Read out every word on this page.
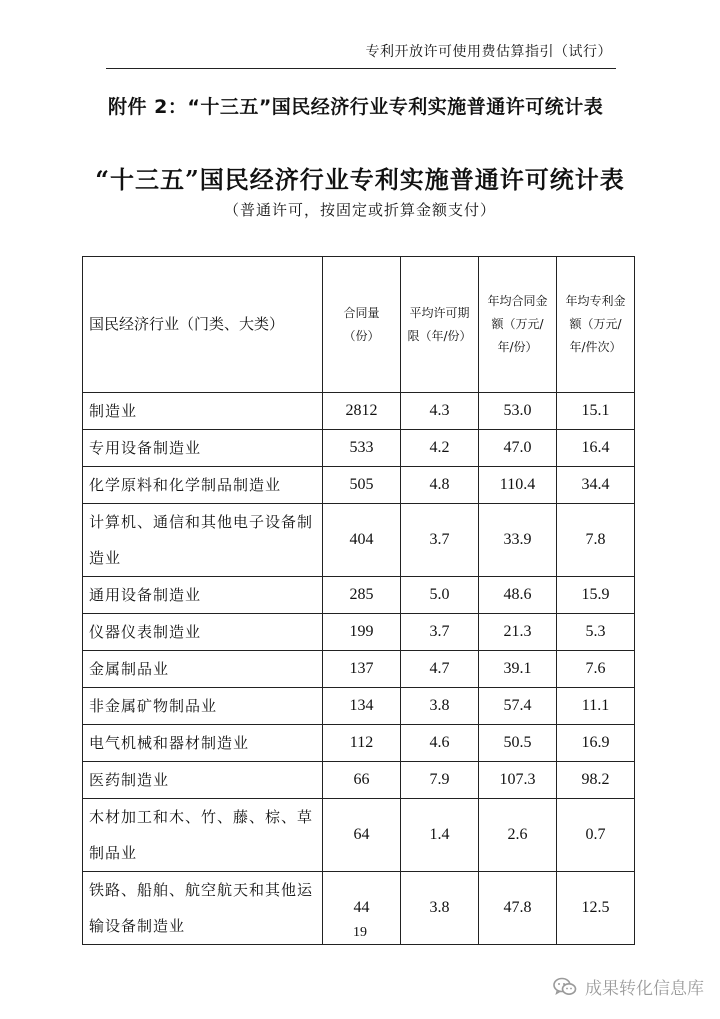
专利开放许可使用费估算指引（试行）
附件 2：“十三五”国民经济行业专利实施普通许可统计表
“十三五”国民经济行业专利实施普通许可统计表
（普通许可，按固定或折算金额支付）
国民经济行业（门类、大类）	合同量（份）	平均许可期限（年/份）	年均合同金额（万元/年/份）	年均专利金额（万元/年/件次）
制造业	2812	4.3	53.0	15.1
专用设备制造业	533	4.2	47.0	16.4
化学原料和化学制品制造业	505	4.8	110.4	34.4
计算机、通信和其他电子设备制造业	404	3.7	33.9	7.8
通用设备制造业	285	5.0	48.6	15.9
仪器仪表制造业	199	3.7	21.3	5.3
金属制品业	137	4.7	39.1	7.6
非金属矿物制品业	134	3.8	57.4	11.1
电气机械和器材制造业	112	4.6	50.5	16.9
医药制造业	66	7.9	107.3	98.2
木材加工和木、竹、藤、棕、草制品业	64	1.4	2.6	0.7
铁路、船舶、航空航天和其他运输设备制造业	44	3.8	47.8	12.5
19
成果转化信息库
